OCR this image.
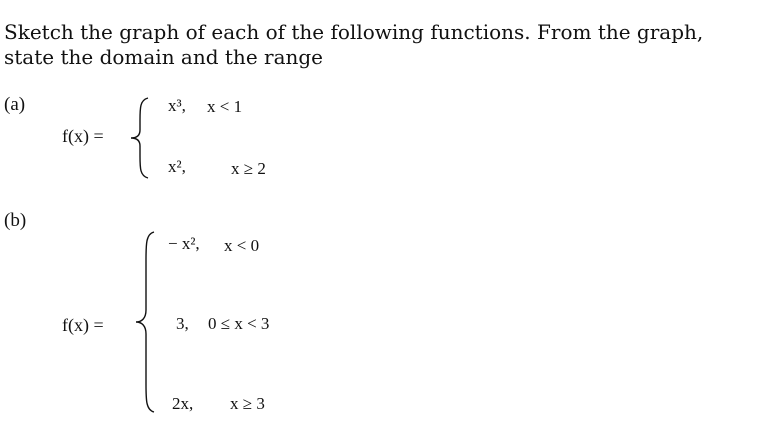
Sketch the graph of each of the following functions. From the graph,
state the domain and the range
(a)
f(x) =
x³, x < 1
x²,	x ≥ 2
(b)
f(x) =
− x², x < 0
3, 0 ≤ x < 3
2x, x ≥ 3
